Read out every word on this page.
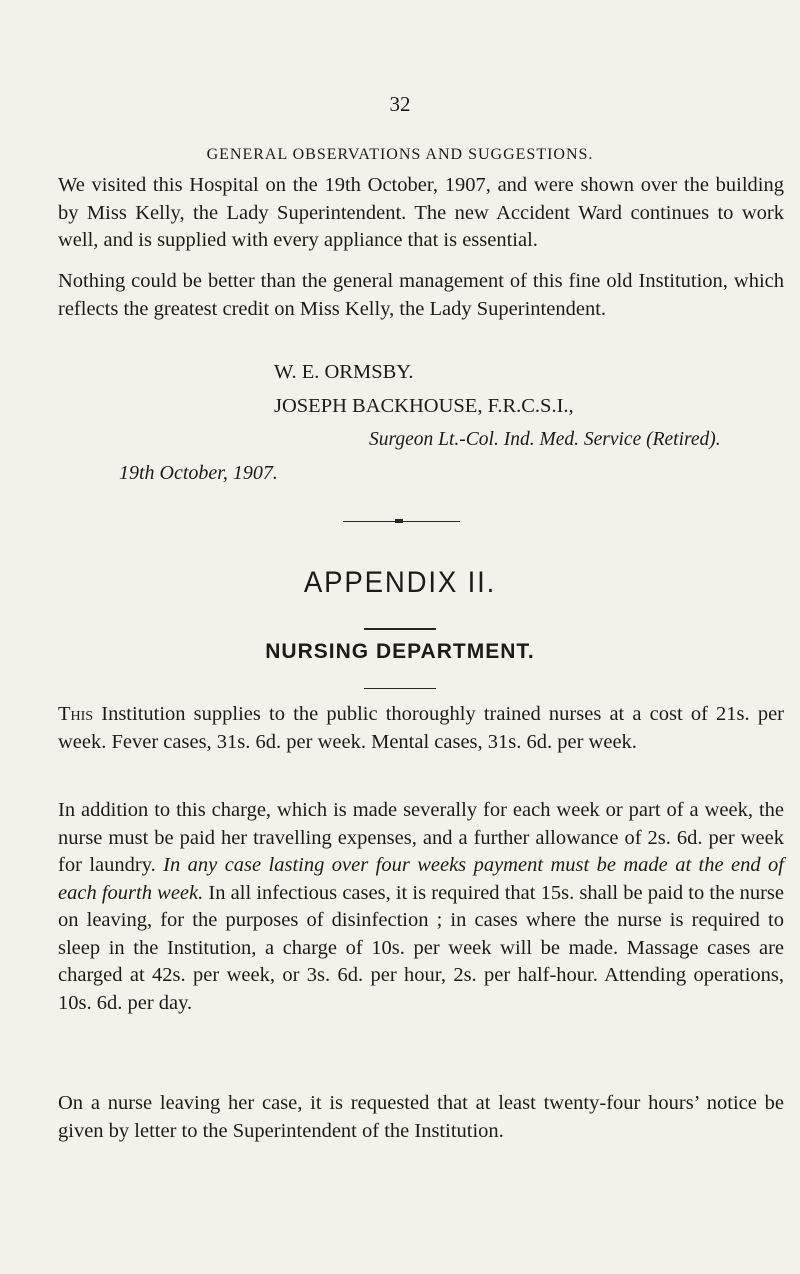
32
GENERAL OBSERVATIONS AND SUGGESTIONS.

We visited this Hospital on the 19th October, 1907, and were shown over the building by Miss Kelly, the Lady Superintendent. The new Accident Ward continues to work well, and is supplied with every appliance that is essential.

Nothing could be better than the general management of this fine old Institution, which reflects the greatest credit on Miss Kelly, the Lady Superintendent.

W. E. ORMSBY.
JOSEPH BACKHOUSE, F.R.C.S.I.,
Surgeon Lt.-Col. Ind. Med. Service (Retired).
19th October, 1907.
APPENDIX II.
NURSING DEPARTMENT.

This Institution supplies to the public thoroughly trained nurses at a cost of 21s. per week. Fever cases, 31s. 6d. per week. Mental cases, 31s. 6d. per week.

In addition to this charge, which is made severally for each week or part of a week, the nurse must be paid her travelling expenses, and a further allowance of 2s. 6d. per week for laundry. In any case lasting over four weeks payment must be made at the end of each fourth week. In all infectious cases, it is required that 15s. shall be paid to the nurse on leaving, for the purposes of disinfection ; in cases where the nurse is required to sleep in the Institution, a charge of 10s. per week will be made. Massage cases are charged at 42s. per week, or 3s. 6d. per hour, 2s. per half-hour. Attending operations, 10s. 6d. per day.

On a nurse leaving her case, it is requested that at least twenty-four hours’ notice be given by letter to the Superintendent of the Institution.
